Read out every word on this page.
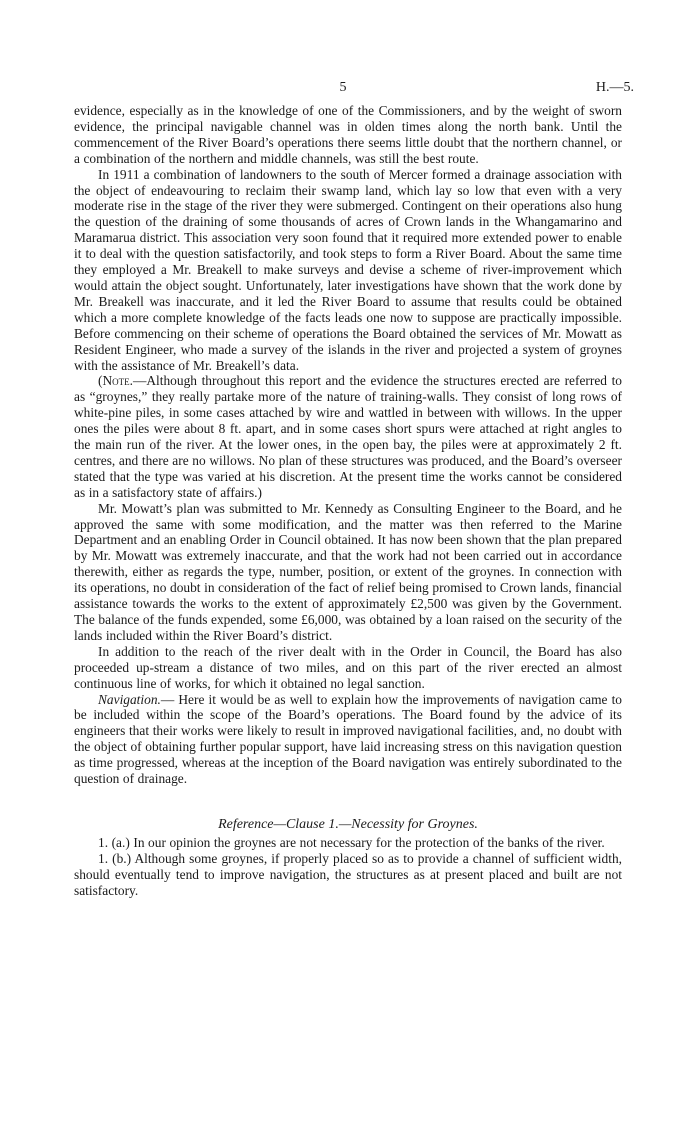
5	H.—5.

evidence, especially as in the knowledge of one of the Commissioners, and by the weight of sworn evidence, the principal navigable channel was in olden times along the north bank. Until the commencement of the River Board’s operations there seems little doubt that the northern channel, or a combination of the northern and middle channels, was still the best route.

In 1911 a combination of landowners to the south of Mercer formed a drainage association with the object of endeavouring to reclaim their swamp land, which lay so low that even with a very moderate rise in the stage of the river they were submerged. Contingent on their operations also hung the question of the draining of some thousands of acres of Crown lands in the Whangamarino and Maramarua district. This association very soon found that it required more extended power to enable it to deal with the question satisfactorily, and took steps to form a River Board. About the same time they employed a Mr. Breakell to make surveys and devise a scheme of river-improvement which would attain the object sought. Unfortunately, later investigations have shown that the work done by Mr. Breakell was inaccurate, and it led the River Board to assume that results could be obtained which a more complete knowledge of the facts leads one now to suppose are practically impossible. Before commencing on their scheme of operations the Board obtained the services of Mr. Mowatt as Resident Engineer, who made a survey of the islands in the river and projected a system of groynes with the assistance of Mr. Breakell’s data.

(Note.—Although throughout this report and the evidence the structures erected are referred to as “groynes,” they really partake more of the nature of training-walls. They consist of long rows of white-pine piles, in some cases attached by wire and wattled in between with willows. In the upper ones the piles were about 8 ft. apart, and in some cases short spurs were attached at right angles to the main run of the river. At the lower ones, in the open bay, the piles were at approximately 2 ft. centres, and there are no willows. No plan of these structures was produced, and the Board’s overseer stated that the type was varied at his discretion. At the present time the works cannot be considered as in a satisfactory state of affairs.)

Mr. Mowatt’s plan was submitted to Mr. Kennedy as Consulting Engineer to the Board, and he approved the same with some modification, and the matter was then referred to the Marine Department and an enabling Order in Council obtained. It has now been shown that the plan prepared by Mr. Mowatt was extremely inaccurate, and that the work had not been carried out in accordance therewith, either as regards the type, number, position, or extent of the groynes. In connection with its operations, no doubt in consideration of the fact of relief being promised to Crown lands, financial assistance towards the works to the extent of approximately £2,500 was given by the Government. The balance of the funds expended, some £6,000, was obtained by a loan raised on the security of the lands included within the River Board’s district.

In addition to the reach of the river dealt with in the Order in Council, the Board has also proceeded up-stream a distance of two miles, and on this part of the river erected an almost continuous line of works, for which it obtained no legal sanction.

Navigation.— Here it would be as well to explain how the improvements of navigation came to be included within the scope of the Board’s operations. The Board found by the advice of its engineers that their works were likely to result in improved navigational facilities, and, no doubt with the object of obtaining further popular support, have laid increasing stress on this navigation question as time progressed, whereas at the inception of the Board navigation was entirely subordinated to the question of drainage.

Reference—Clause 1.—Necessity for Groynes.

1. (a.) In our opinion the groynes are not necessary for the protection of the banks of the river.

1. (b.) Although some groynes, if properly placed so as to provide a channel of sufficient width, should eventually tend to improve navigation, the structures as at present placed and built are not satisfactory.
